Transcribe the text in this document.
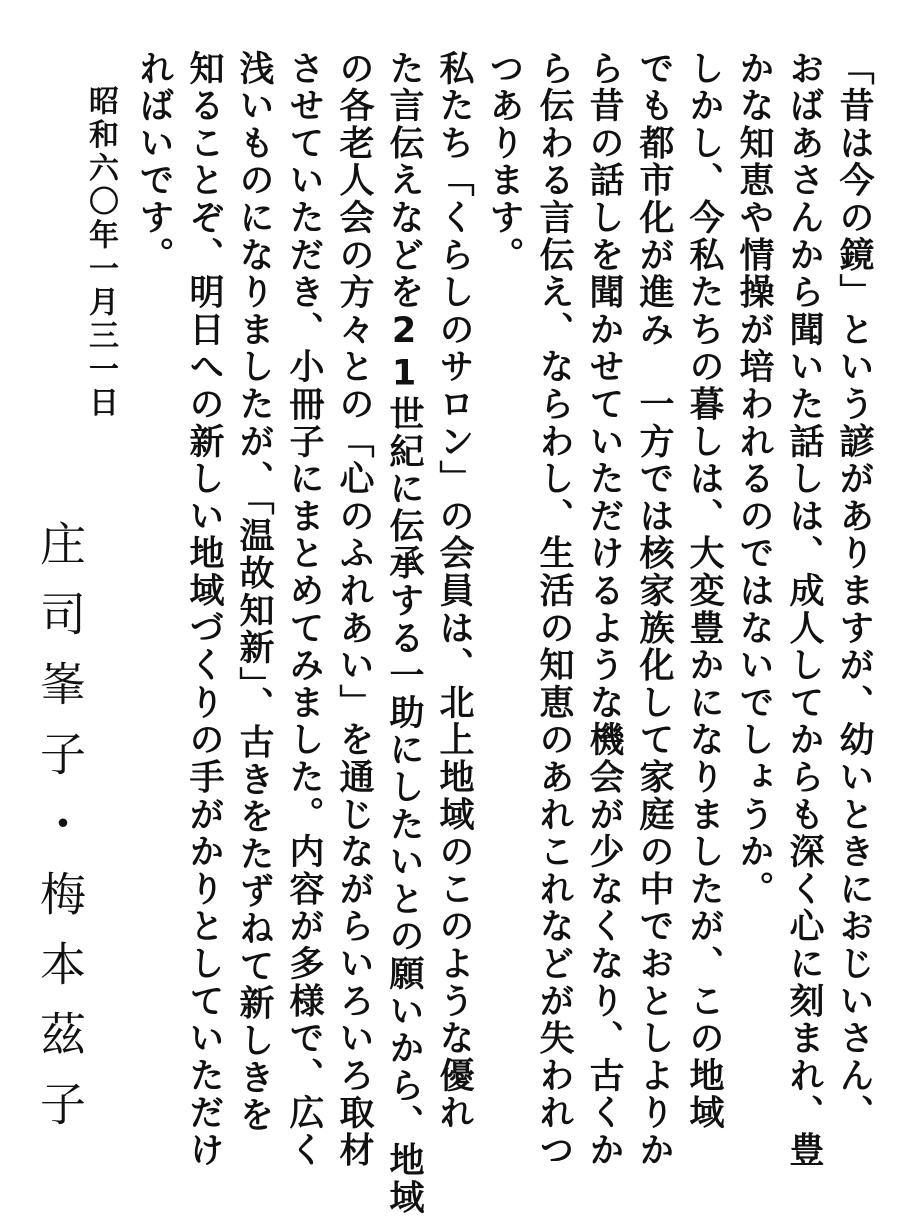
「昔は今の鏡」という諺がありますが、幼いときにおじいさん、
おばあさんから聞いた話しは、成人してからも深く心に刻まれ、豊
かな知恵や情操が培われるのではないでしょうか。
しかし、今私たちの暮しは、大変豊かになりましたが、この地域
でも都市化が進み　一方では核家族化して家庭の中でおとしよりか
ら昔の話しを聞かせていただけるような機会が少なくなり、古くか
ら伝わる言伝え、ならわし、生活の知恵のあれこれなどが失われつ
つあります。
私たち「くらしのサロン」の会員は、北上地域のこのような優れ
た言伝えなどを21世紀に伝承する一助にしたいとの願いから、地域
の各老人会の方々との「心のふれあい」を通じながらいろいろ取材
させていただき、小冊子にまとめてみました。内容が多様で、広く
浅いものになりましたが、「温故知新」、古きをたずねて新しきを
知ることぞ、明日への新しい地域づくりの手がかりとしていただけ
ればいです。
昭和六〇年一月三一日
庄司峯子・梅本茲子
